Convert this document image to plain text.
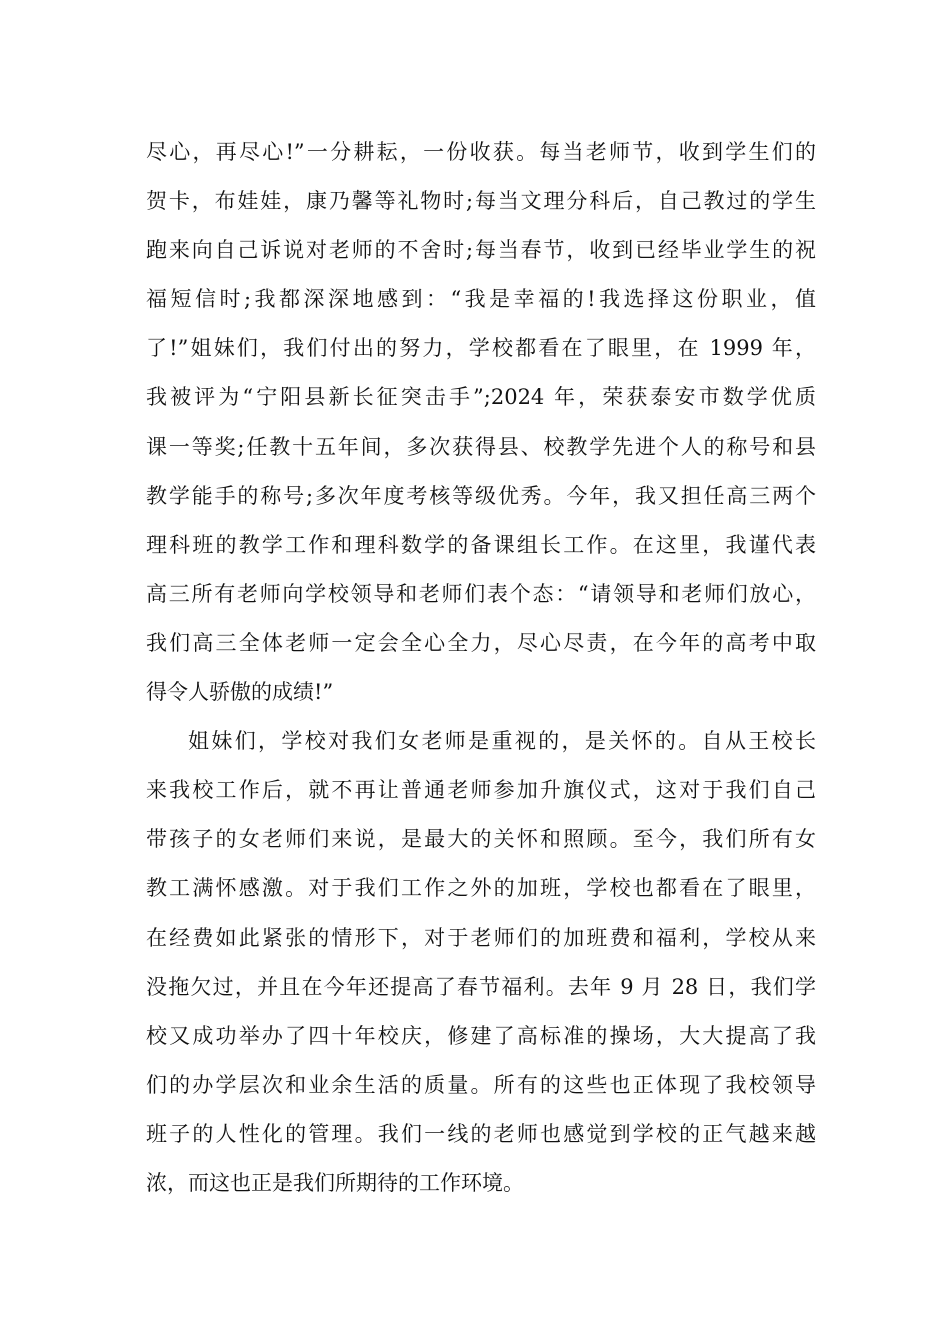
尽心，再尽心!”一分耕耘，一份收获。每当老师节，收到学生们的
贺卡，布娃娃，康乃馨等礼物时;每当文理分科后，自己教过的学生
跑来向自己诉说对老师的不舍时;每当春节，收到已经毕业学生的祝
福短信时;我都深深地感到：“我是幸福的!我选择这份职业，值
了!”姐妹们，我们付出的努力，学校都看在了眼里，在 1999 年，
我被评为“宁阳县新长征突击手”;2024 年，荣获泰安市数学优质
课一等奖;任教十五年间，多次获得县、校教学先进个人的称号和县
教学能手的称号;多次年度考核等级优秀。今年，我又担任高三两个
理科班的教学工作和理科数学的备课组长工作。在这里，我谨代表
高三所有老师向学校领导和老师们表个态：“请领导和老师们放心，
我们高三全体老师一定会全心全力，尽心尽责，在今年的高考中取
得令人骄傲的成绩!”
姐妹们，学校对我们女老师是重视的，是关怀的。自从王校长
来我校工作后，就不再让普通老师参加升旗仪式，这对于我们自己
带孩子的女老师们来说，是最大的关怀和照顾。至今，我们所有女
教工满怀感激。对于我们工作之外的加班，学校也都看在了眼里，
在经费如此紧张的情形下，对于老师们的加班费和福利，学校从来
没拖欠过，并且在今年还提高了春节福利。去年 9 月 28 日，我们学
校又成功举办了四十年校庆，修建了高标准的操场，大大提高了我
们的办学层次和业余生活的质量。所有的这些也正体现了我校领导
班子的人性化的管理。我们一线的老师也感觉到学校的正气越来越
浓，而这也正是我们所期待的工作环境。
